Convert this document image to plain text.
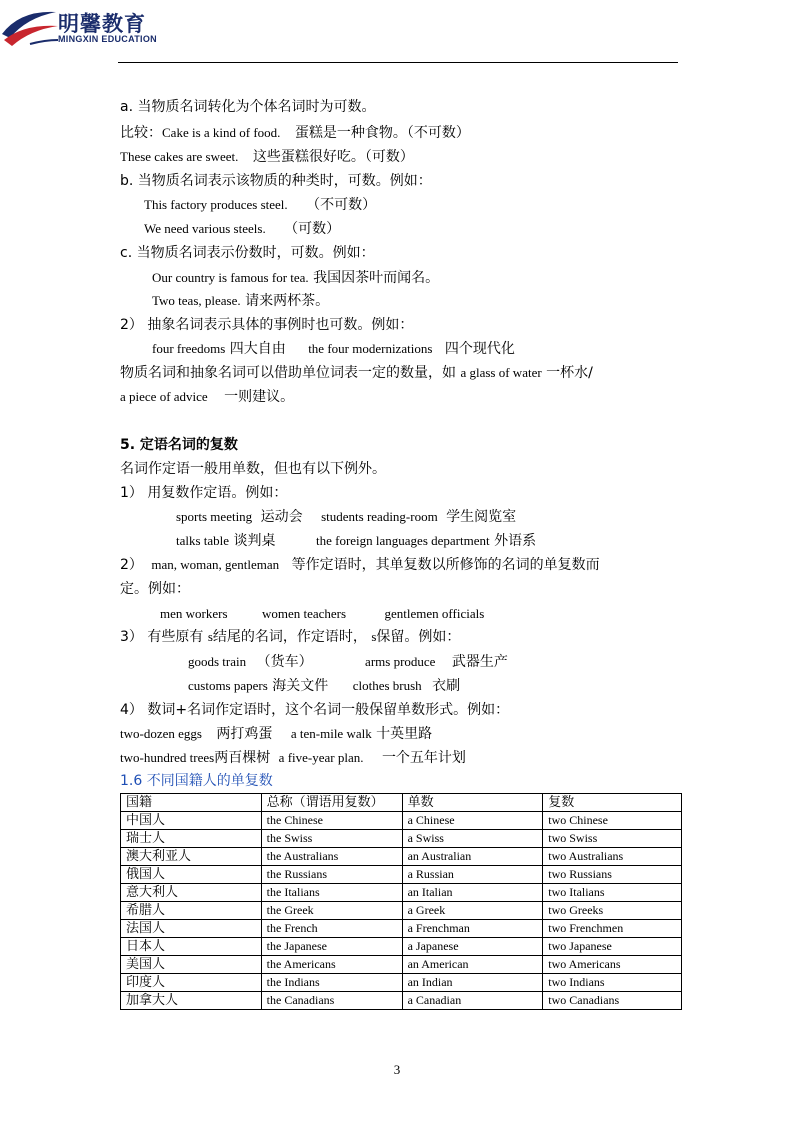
明馨教育
MINGXIN EDUCATION
a. 当物质名词转化为个体名词时为可数。
比较：Cake is a kind of food. 蛋糕是一种食物。（不可数）
These cakes are sweet. 这些蛋糕很好吃。（可数）
b. 当物质名词表示该物质的种类时，可数。例如：
This factory produces steel. （不可数）
We need various steels. （可数）
c. 当物质名词表示份数时，可数。例如：
Our country is famous for tea. 我国因茶叶而闻名。
Two teas, please. 请来两杯茶。
2） 抽象名词表示具体的事例时也可数。例如：
four freedoms 四大自由 the four modernizations 四个现代化
物质名词和抽象名词可以借助单位词表一定的数量，如 a glass of water 一杯水/
a piece of advice 一则建议。
5. 定语名词的复数
名词作定语一般用单数，但也有以下例外。
1） 用复数作定语。例如：
sports meeting 运动会 students reading-room 学生阅览室
talks table 谈判桌	the foreign languages department 外语系
2） man, woman, gentleman 等作定语时，其单复数以所修饰的名词的单复数而
定。例如：
men workers	women teachers	gentlemen officials
3） 有些原有 s结尾的名词，作定语时， s保留。例如：
goods train （货车）	arms produce 武器生产
customs papers 海关文件 clothes brush 衣刷
4） 数词+名词作定语时，这个名词一般保留单数形式。例如：
two-dozen eggs 两打鸡蛋 a ten-mile walk 十英里路
two-hundred trees两百棵树 a five-year plan. 一个五年计划
1.6 不同国籍人的单复数
国籍	总称（谓语用复数）	单数	复数
中国人	the Chinese	a Chinese	two Chinese
瑞士人	the Swiss	a Swiss	two Swiss
澳大利亚人	the Australians	an Australian	two Australians
俄国人	the Russians	a Russian	two Russians
意大利人	the Italians	an Italian	two Italians
希腊人	the Greek	a Greek	two Greeks
法国人	the French	a Frenchman	two Frenchmen
日本人	the Japanese	a Japanese	two Japanese
美国人	the Americans	an American	two Americans
印度人	the Indians	an Indian	two Indians
加拿大人	the Canadians	a Canadian	two Canadians
3
